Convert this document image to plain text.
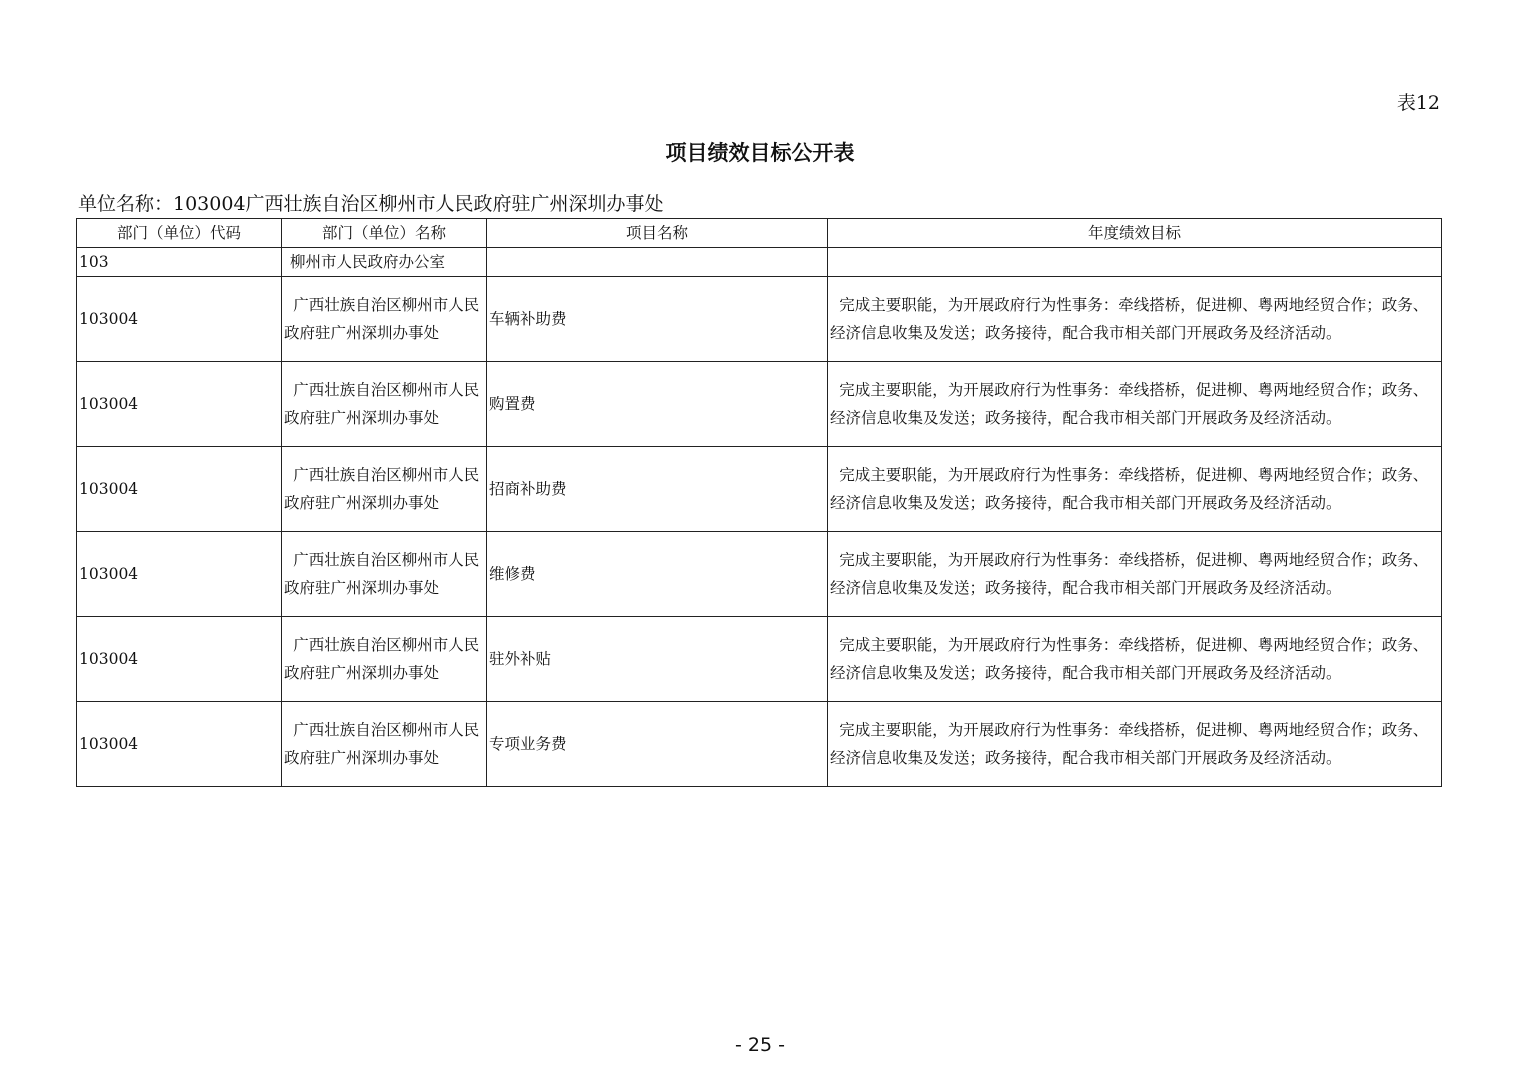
表12
项目绩效目标公开表
单位名称：103004广西壮族自治区柳州市人民政府驻广州深圳办事处
部门（单位）代码	部门（单位）名称	项目名称	年度绩效目标
103	柳州市人民政府办公室		
103004	广西壮族自治区柳州市人民政府驻广州深圳办事处	车辆补助费	完成主要职能，为开展政府行为性事务：牵线搭桥，促进柳、粤两地经贸合作；政务、经济信息收集及发送；政务接待，配合我市相关部门开展政务及经济活动。
103004	广西壮族自治区柳州市人民政府驻广州深圳办事处	购置费	完成主要职能，为开展政府行为性事务：牵线搭桥，促进柳、粤两地经贸合作；政务、经济信息收集及发送；政务接待，配合我市相关部门开展政务及经济活动。
103004	广西壮族自治区柳州市人民政府驻广州深圳办事处	招商补助费	完成主要职能，为开展政府行为性事务：牵线搭桥，促进柳、粤两地经贸合作；政务、经济信息收集及发送；政务接待，配合我市相关部门开展政务及经济活动。
103004	广西壮族自治区柳州市人民政府驻广州深圳办事处	维修费	完成主要职能，为开展政府行为性事务：牵线搭桥，促进柳、粤两地经贸合作；政务、经济信息收集及发送；政务接待，配合我市相关部门开展政务及经济活动。
103004	广西壮族自治区柳州市人民政府驻广州深圳办事处	驻外补贴	完成主要职能，为开展政府行为性事务：牵线搭桥，促进柳、粤两地经贸合作；政务、经济信息收集及发送；政务接待，配合我市相关部门开展政务及经济活动。
103004	广西壮族自治区柳州市人民政府驻广州深圳办事处	专项业务费	完成主要职能，为开展政府行为性事务：牵线搭桥，促进柳、粤两地经贸合作；政务、经济信息收集及发送；政务接待，配合我市相关部门开展政务及经济活动。
- 25 -
